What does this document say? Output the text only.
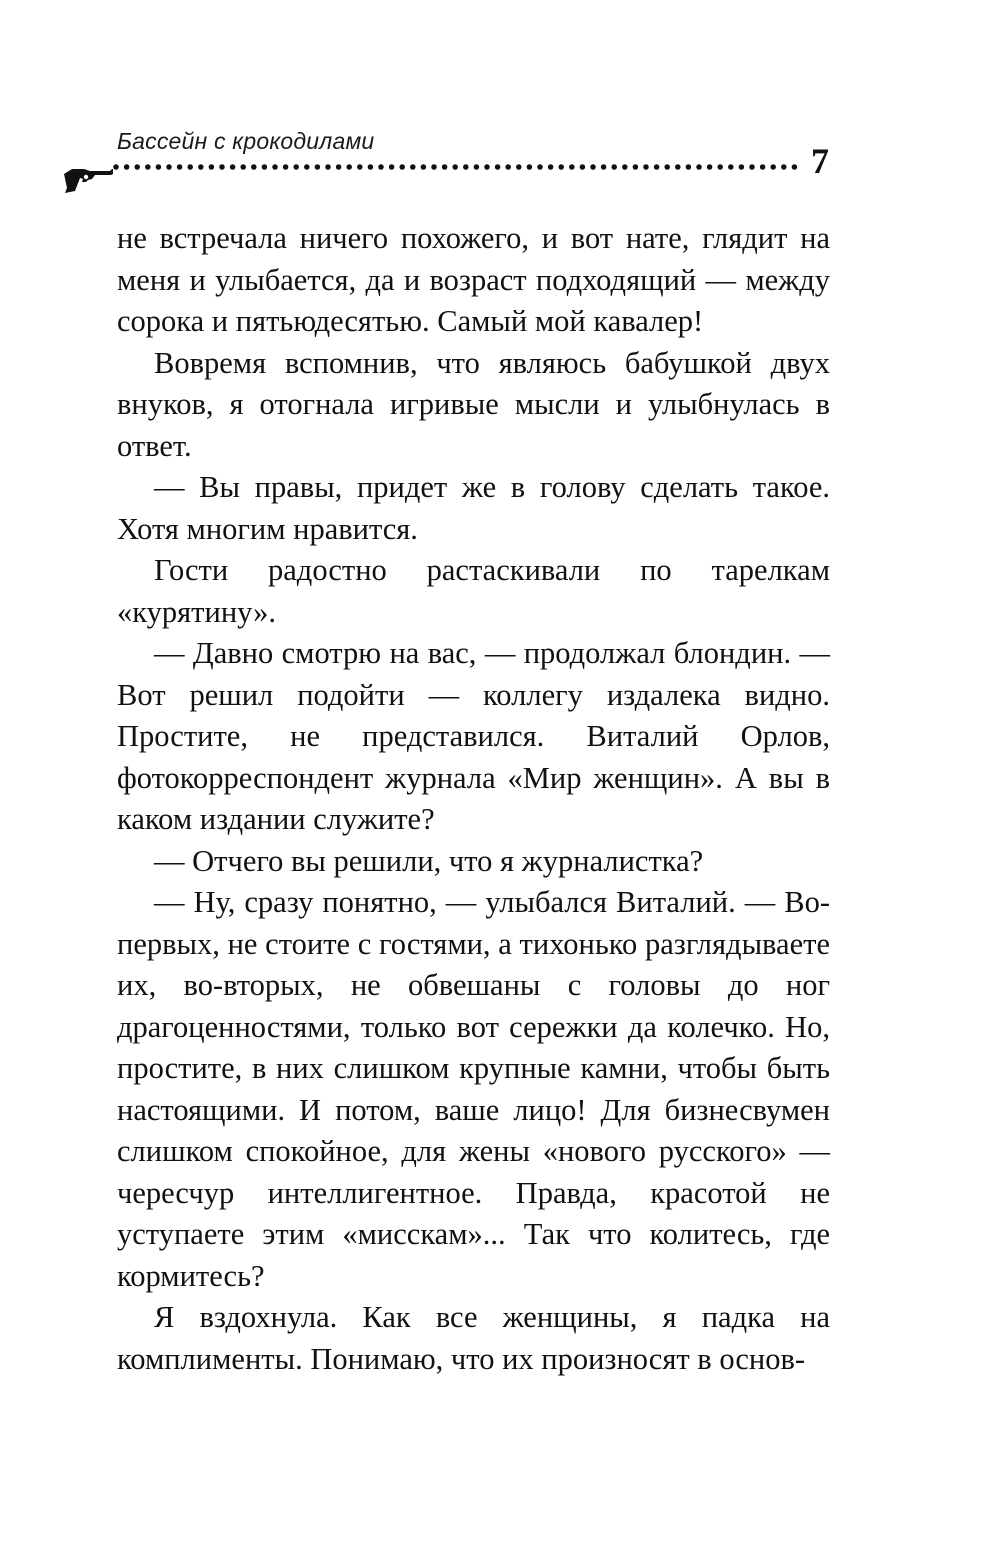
Бассейн с крокодилами	7

не встречала ничего похожего, и вот нате, глядит на меня и улыбается, да и возраст подходящий — между сорока и пятьюдесятью. Самый мой кавалер!

Вовремя вспомнив, что являюсь бабушкой двух внуков, я отогнала игривые мысли и улыбнулась в ответ.

— Вы правы, придет же в голову сделать такое. Хотя многим нравится.

Гости радостно растаскивали по тарелкам «курятину».

— Давно смотрю на вас, — продолжал блондин. — Вот решил подойти — коллегу издалека видно. Простите, не представился. Виталий Орлов, фотокорреспондент журнала «Мир женщин». А вы в каком издании служите?

— Отчего вы решили, что я журналистка?

— Ну, сразу понятно, — улыбался Виталий. — Во-первых, не стоите с гостями, а тихонько разглядываете их, во-вторых, не обвешаны с головы до ног драгоценностями, только вот сережки да колечко. Но, простите, в них слишком крупные камни, чтобы быть настоящими. И потом, ваше лицо! Для бизнесвумен слишком спокойное, для жены «нового русского» — чересчур интеллигентное. Правда, красотой не уступаете этим «мисскам»... Так что колитесь, где кормитесь?

Я вздохнула. Как все женщины, я падка на комплименты. Понимаю, что их произносят в основ-
